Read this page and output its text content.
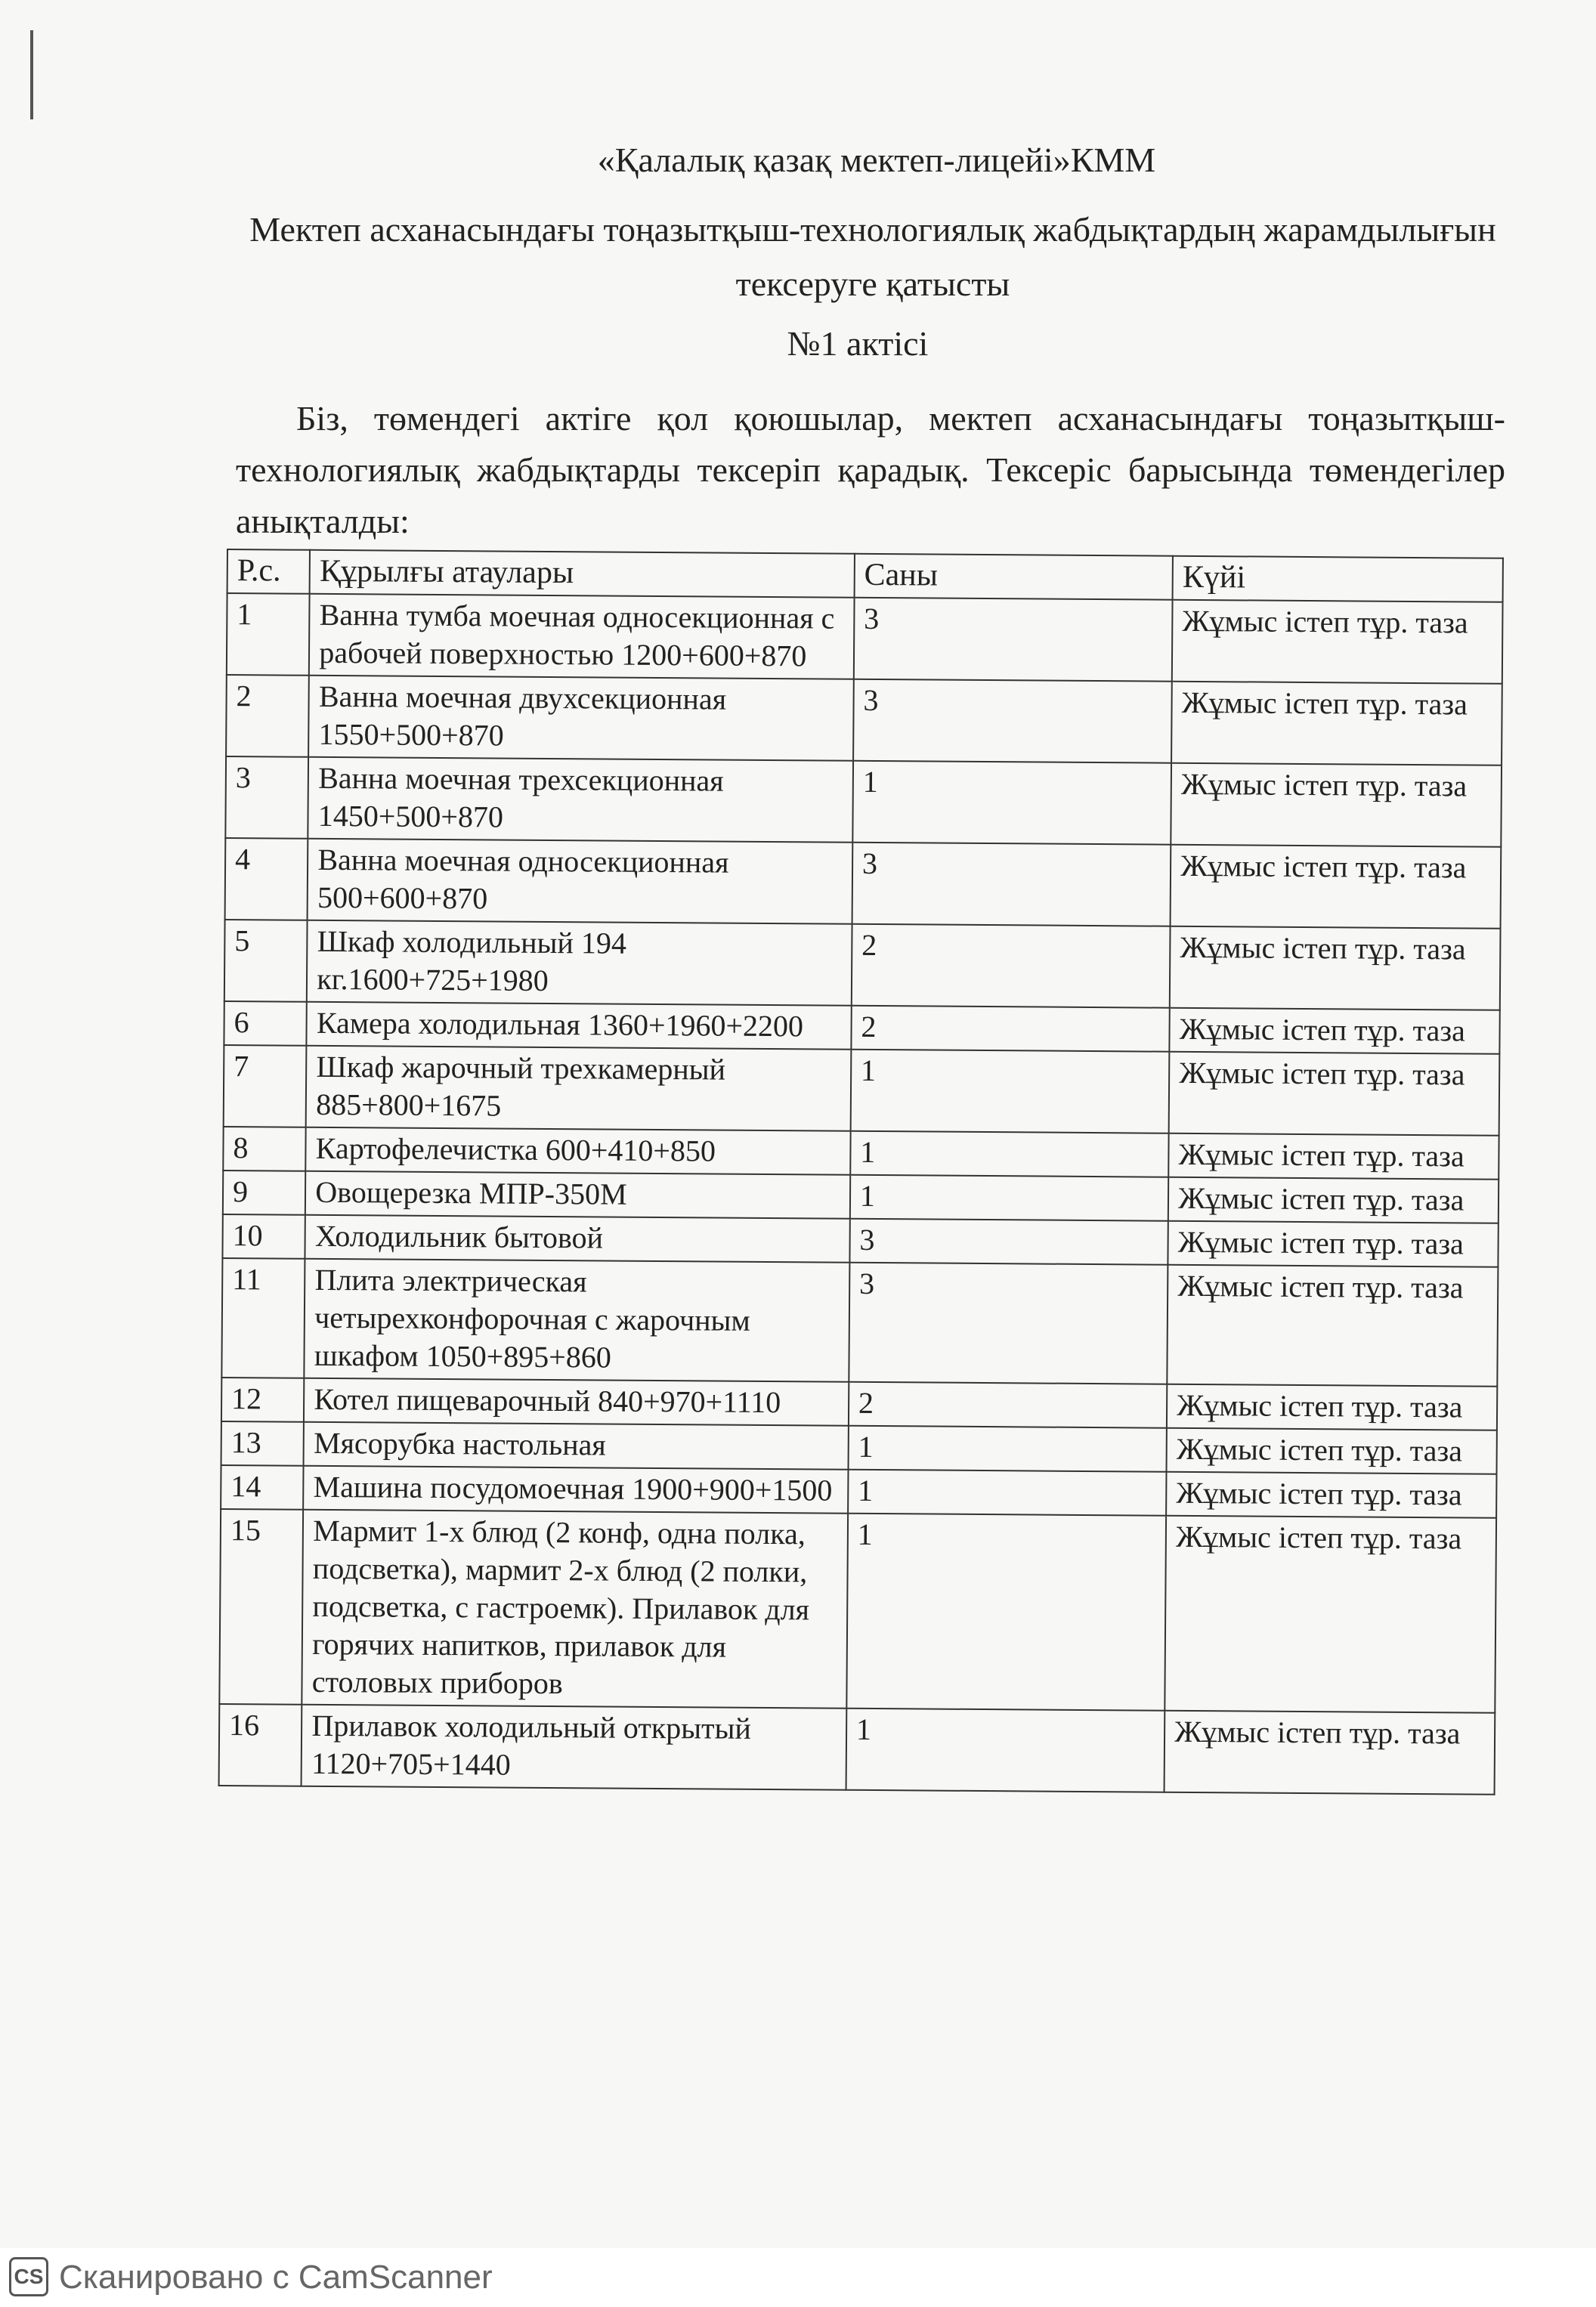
«Қалалық қазақ мектеп-лицейі»КММ
Мектеп асханасындағы тоңазытқыш-технологиялық жабдықтардың жарамдылығын тексеруге қатысты
№1 актісі
Біз, төмендегі актіге қол қоюшылар, мектеп асханасындағы тоңазытқыш-технологиялық жабдықтарды тексеріп қарадық. Тексеріс барысында төмендегілер анықталды:
Р.с.	Құрылғы атаулары	Саны	Күйі
1	Ванна тумба моечная односекционная с рабочей поверхностью 1200+600+870	3	Жұмыс істеп тұр. таза
2	Ванна моечная двухсекционная 1550+500+870	3	Жұмыс істеп тұр. таза
3	Ванна моечная трехсекционная 1450+500+870	1	Жұмыс істеп тұр. таза
4	Ванна моечная односекционная 500+600+870	3	Жұмыс істеп тұр. таза
5	Шкаф холодильный 194 кг.1600+725+1980	2	Жұмыс істеп тұр. таза
6	Камера холодильная 1360+1960+2200	2	Жұмыс істеп тұр. таза
7	Шкаф жарочный трехкамерный 885+800+1675	1	Жұмыс істеп тұр. таза
8	Картофелечистка 600+410+850	1	Жұмыс істеп тұр. таза
9	Овощерезка МПР-350М	1	Жұмыс істеп тұр. таза
10	Холодильник бытовой	3	Жұмыс істеп тұр. таза
11	Плита электрическая четырехконфорочная с жарочным шкафом 1050+895+860	3	Жұмыс істеп тұр. таза
12	Котел пищеварочный 840+970+1110	2	Жұмыс істеп тұр. таза
13	Мясорубка настольная	1	Жұмыс істеп тұр. таза
14	Машина посудомоечная 1900+900+1500	1	Жұмыс істеп тұр. таза
15	Мармит 1-х блюд (2 конф, одна полка, подсветка), мармит 2-х блюд (2 полки, подсветка, с гастроемк). Прилавок для горячих напитков, прилавок для столовых приборов	1	Жұмыс істеп тұр. таза
16	Прилавок холодильный открытый 1120+705+1440	1	Жұмыс істеп тұр. таза
CS Сканировано с CamScanner
